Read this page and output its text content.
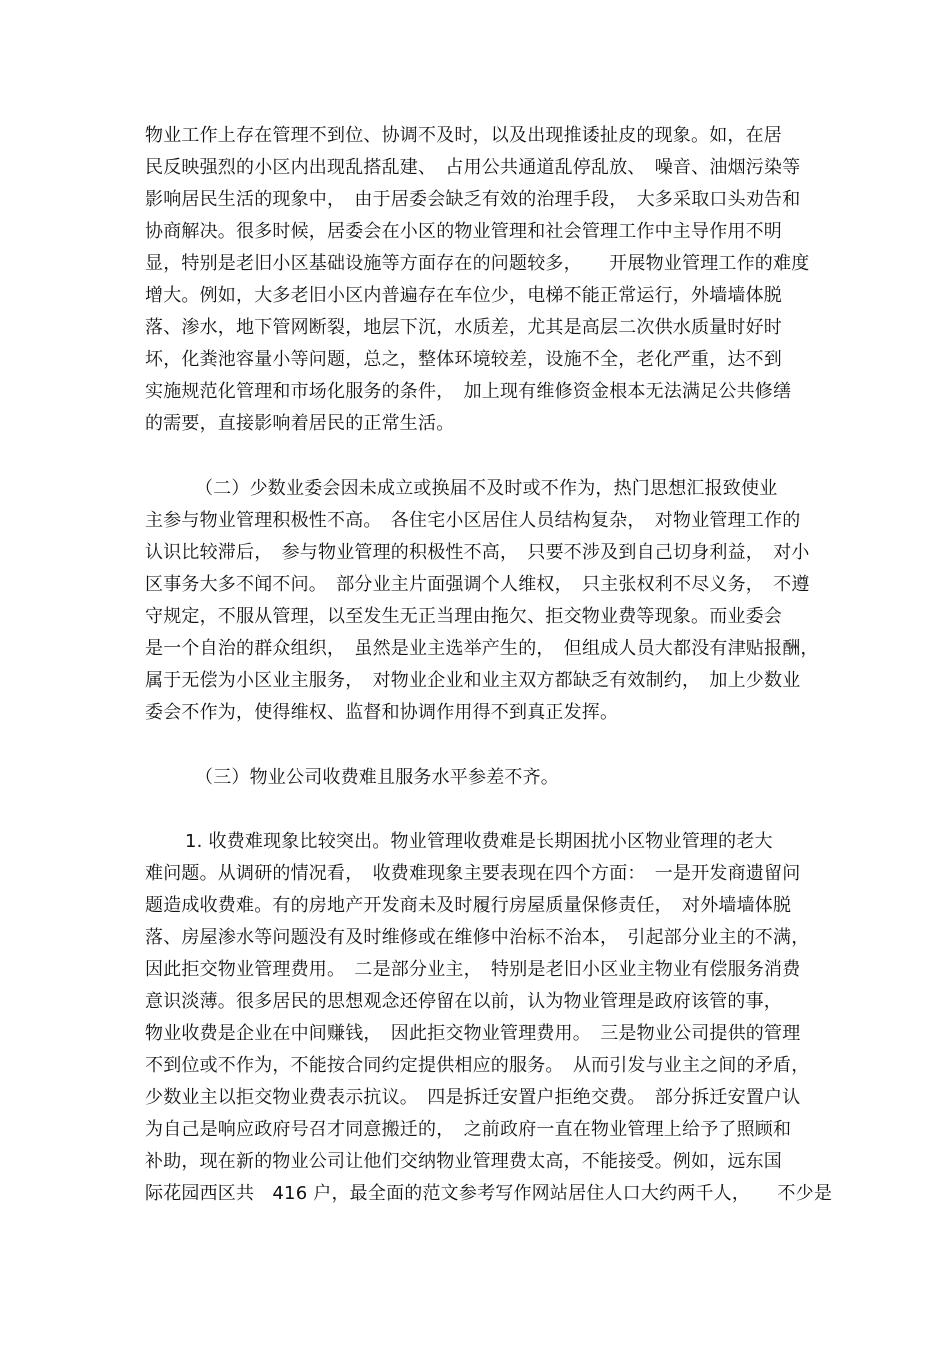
物业工作上存在管理不到位、协调不及时，以及出现推诿扯皮的现象。如，在居
民反映强烈的小区内出现乱搭乱建、　占用公共通道乱停乱放、　噪音、油烟污染等
影响居民生活的现象中，　由于居委会缺乏有效的治理手段，　大多采取口头劝告和
协商解决。很多时候，居委会在小区的物业管理和社会管理工作中主导作用不明
显，特别是老旧小区基础设施等方面存在的问题较多，　　开展物业管理工作的难度
增大。例如，大多老旧小区内普遍存在车位少，电梯不能正常运行，外墙墙体脱
落、渗水，地下管网断裂，地层下沉，水质差，尤其是高层二次供水质量时好时
坏，化粪池容量小等问题，总之，整体环境较差，设施不全，老化严重，达不到
实施规范化管理和市场化服务的条件，　加上现有维修资金根本无法满足公共修缮
的需要，直接影响着居民的正常生活。
（二）少数业委会因未成立或换届不及时或不作为，热门思想汇报致使业
主参与物业管理积极性不高。　各住宅小区居住人员结构复杂，　对物业管理工作的
认识比较滞后，　参与物业管理的积极性不高，　只要不涉及到自己切身利益，　对小
区事务大多不闻不问。　部分业主片面强调个人维权，　只主张权利不尽义务，　不遵
守规定，不服从管理，以至发生无正当理由拖欠、拒交物业费等现象。而业委会
是一个自治的群众组织，　虽然是业主选举产生的，　但组成人员大都没有津贴报酬，
属于无偿为小区业主服务，　对物业企业和业主双方都缺乏有效制约，　加上少数业
委会不作为，使得维权、监督和协调作用得不到真正发挥。
（三）物业公司收费难且服务水平参差不齐。
1. 收费难现象比较突出。物业管理收费难是长期困扰小区物业管理的老大
难问题。从调研的情况看，　收费难现象主要表现在四个方面：　一是开发商遗留问
题造成收费难。有的房地产开发商未及时履行房屋质量保修责任，　对外墙墙体脱
落、房屋渗水等问题没有及时维修或在维修中治标不治本，　引起部分业主的不满，
因此拒交物业管理费用。　二是部分业主，　特别是老旧小区业主物业有偿服务消费
意识淡薄。很多居民的思想观念还停留在以前，认为物业管理是政府该管的事，
物业收费是企业在中间赚钱，　因此拒交物业管理费用。　三是物业公司提供的管理
不到位或不作为，不能按合同约定提供相应的服务。　从而引发与业主之间的矛盾，
少数业主以拒交物业费表示抗议。　四是拆迁安置户拒绝交费。　部分拆迁安置户认
为自己是响应政府号召才同意搬迁的，　之前政府一直在物业管理上给予了照顾和
补助，现在新的物业公司让他们交纳物业管理费太高，不能接受。例如，远东国
际花园西区共　416 户，最全面的范文参考写作网站居住人口大约两千人，　　不少是
